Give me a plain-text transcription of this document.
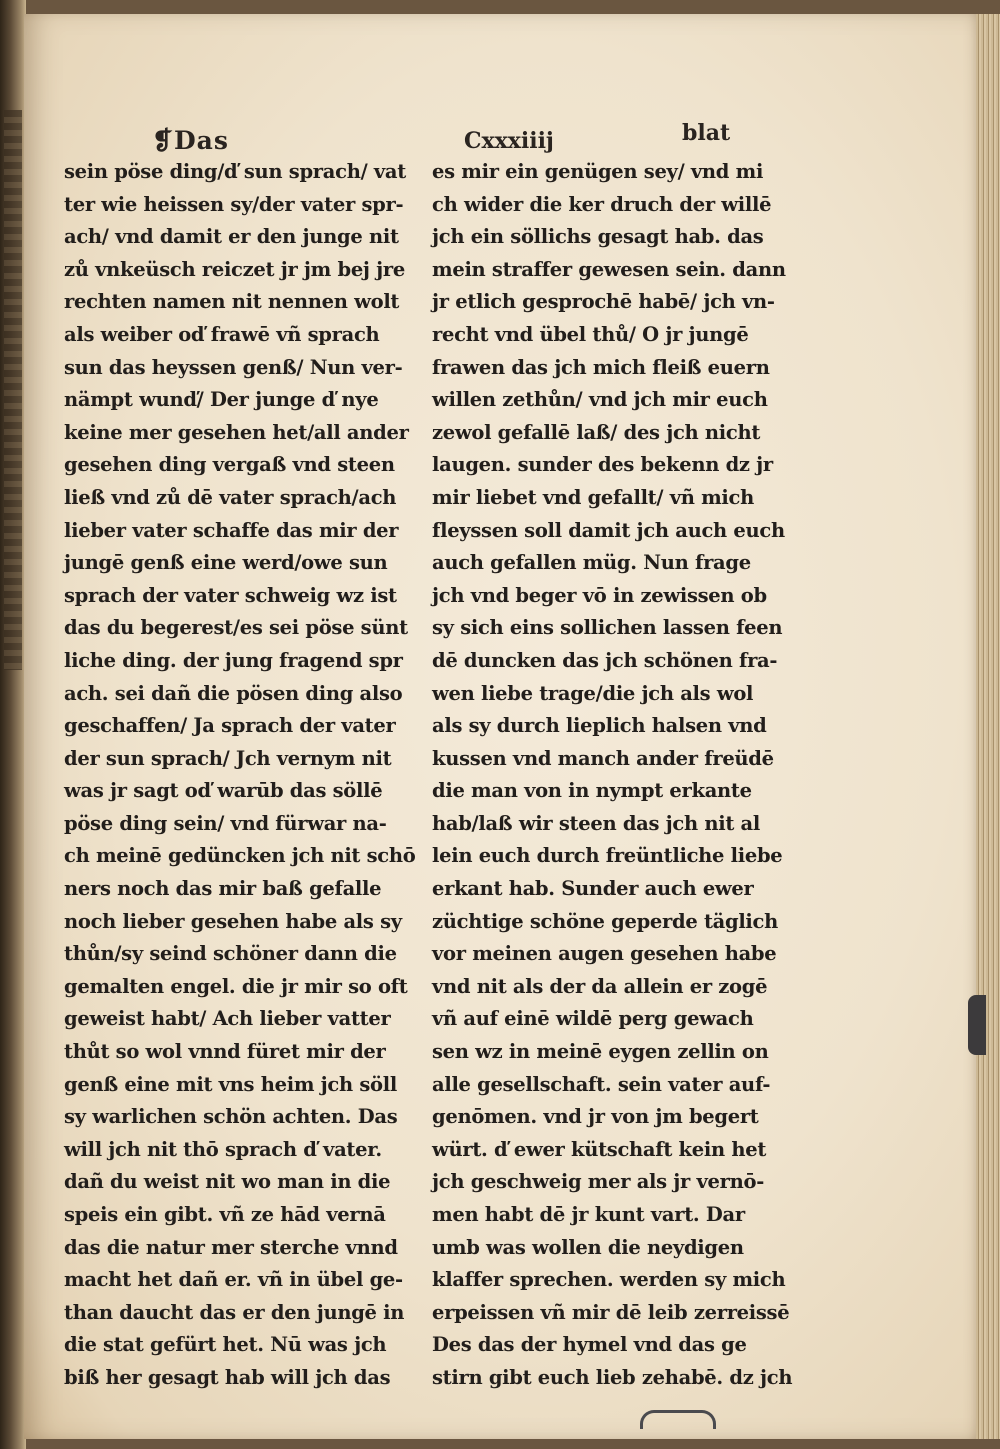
❡Das	Cxxxiiij	blat
sein pöse ding/ď sun sprach/ vat
ter wie heissen sy/der vater spr-
ach/ vnd damit er den junge nit
zů vnkeüsch reiczet jr jm bej jre
rechten namen nit nennen wolt
als weiber oď frawē vñ sprach
sun das heyssen genß/ Nun ver-
nämpt wunď/ Der junge ď nye
keine mer gesehen het/all ander
gesehen ding vergaß vnd steen
ließ vnd zů dē vater sprach/ach
lieber vater schaffe das mir der
jungē genß eine werd/owe sun
sprach der vater schweig wz ist
das du begerest/es sei pöse sünt
liche ding. der jung fragend spr
ach. sei dañ die pösen ding also
geschaffen/ Ja sprach der vater
der sun sprach/ Jch vernym nit
was jr sagt oď warūb das söllē
pöse ding sein/ vnd fürwar na-
ch meinē gedüncken jch nit schō
ners noch das mir baß gefalle
noch lieber gesehen habe als sy
thůn/sy seind schöner dann die
gemalten engel. die jr mir so oft
geweist habt/ Ach lieber vatter
thůt so wol vnnd füret mir der
genß eine mit vns heim jch söll
sy warlichen schön achten. Das
will jch nit thō sprach ď vater.
dañ du weist nit wo man in die
speis ein gibt. vñ ze hād vernā
das die natur mer sterche vnnd
macht het dañ er. vñ in übel ge-
than daucht das er den jungē in
die stat gefürt het. Nū was jch
biß her gesagt hab will jch das
es mir ein genügen sey/ vnd mi
ch wider die ker druch der willē
jch ein söllichs gesagt hab. das
mein straffer gewesen sein. dann
jr etlich gesprochē habē/ jch vn-
recht vnd übel thů/ O jr jungē
frawen das jch mich fleiß euern
willen zethůn/ vnd jch mir euch
zewol gefallē laß/ des jch nicht
laugen. sunder des bekenn dz jr
mir liebet vnd gefallt/ vñ mich
fleyssen soll damit jch auch euch
auch gefallen müg. Nun frage
jch vnd beger vō in zewissen ob
sy sich eins sollichen lassen feen
dē duncken das jch schönen fra-
wen liebe trage/die jch als wol
als sy durch lieplich halsen vnd
kussen vnd manch ander freüdē
die man von in nympt erkante
hab/laß wir steen das jch nit al
lein euch durch freüntliche liebe
erkant hab. Sunder auch ewer
züchtige schöne geperde täglich
vor meinen augen gesehen habe
vnd nit als der da allein er zogē
vñ auf einē wildē perg gewach
sen wz in meinē eygen zellin on
alle gesellschaft. sein vater auf-
genōmen. vnd jr von jm begert
würt. ď ewer kütschaft kein het
jch geschweig mer als jr vernō-
men habt dē jr kunt vart. Dar
umb was wollen die neydigen
klaffer sprechen. werden sy mich
erpeissen vñ mir dē leib zerreissē
Des das der hymel vnd das ge
stirn gibt euch lieb zehabē. dz jch
